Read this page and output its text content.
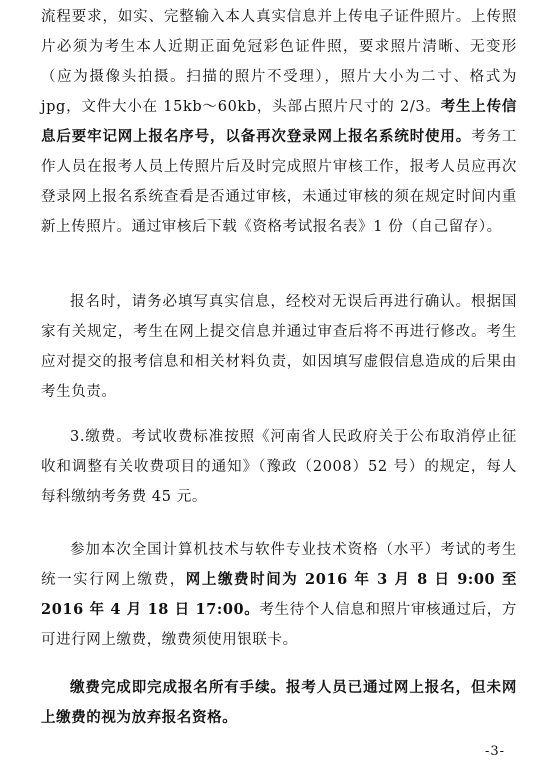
流程要求，如实、完整输入本人真实信息并上传电子证件照片。上传照片必须为考生本人近期正面免冠彩色证件照，要求照片清晰、无变形（应为摄像头拍摄。扫描的照片不受理），照片大小为二寸、格式为 jpg，文件大小在 15kb～60kb，头部占照片尺寸的 2/3。考生上传信息后要牢记网上报名序号，以备再次登录网上报名系统时使用。考务工作人员在报考人员上传照片后及时完成照片审核工作，报考人员应再次登录网上报名系统查看是否通过审核，未通过审核的须在规定时间内重新上传照片。通过审核后下载《资格考试报名表》1 份（自己留存）。

报名时，请务必填写真实信息，经校对无误后再进行确认。根据国家有关规定，考生在网上提交信息并通过审查后将不再进行修改。考生应对提交的报考信息和相关材料负责，如因填写虚假信息造成的后果由考生负责。

3.缴费。考试收费标准按照《河南省人民政府关于公布取消停止征收和调整有关收费项目的通知》（豫政（2008）52 号）的规定，每人每科缴纳考务费 45 元。

参加本次全国计算机技术与软件专业技术资格（水平）考试的考生统一实行网上缴费，网上缴费时间为 2016 年 3 月 8 日 9:00 至 2016 年 4 月 18 日 17:00。考生待个人信息和照片审核通过后，方可进行网上缴费，缴费须使用银联卡。

缴费完成即完成报名所有手续。报考人员已通过网上报名，但未网上缴费的视为放弃报名资格。

-3-
